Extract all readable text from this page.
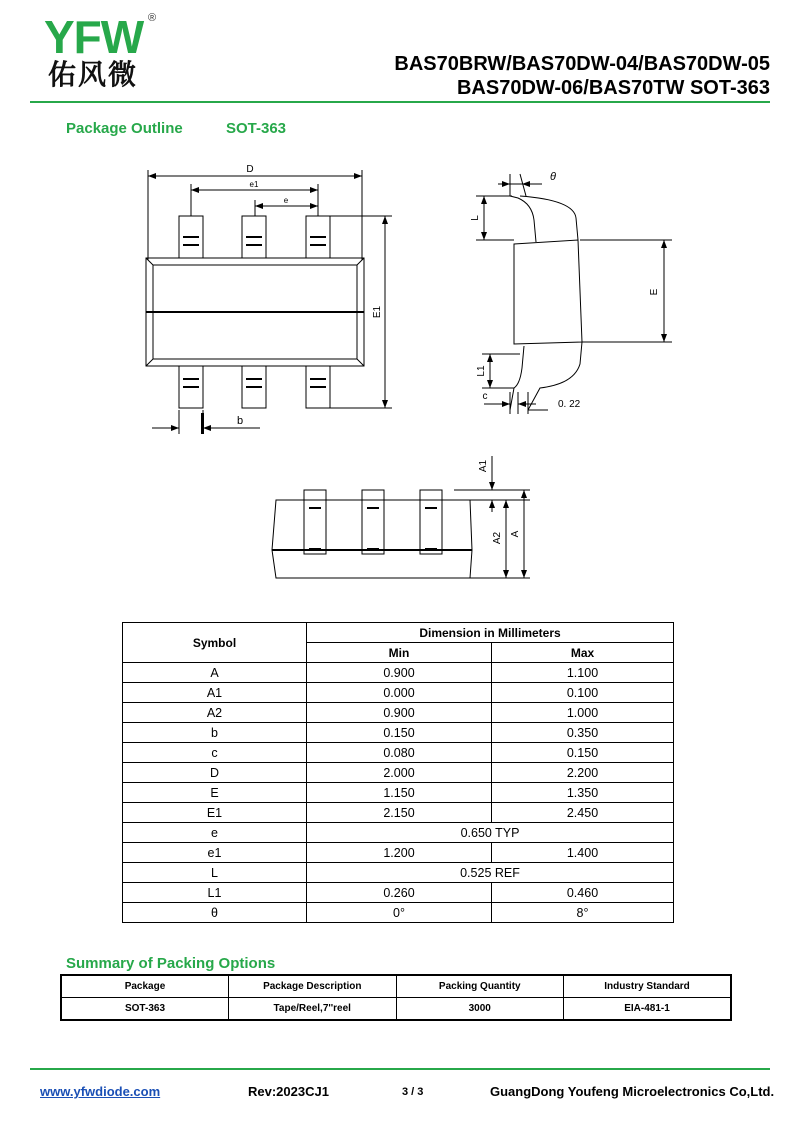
YFW ®
佑风微	BAS70BRW/BAS70DW-04/BAS70DW-05
BAS70DW-06/BAS70TW SOT-363
Package Outline	SOT-363
D
e1
e
E1
b
θ
L
E
L1
c
0. 22
A1
A2 A
Symbol	Dimension in Millimeters	
	Min	Max
A	0.900	1.100
A1	0.000	0.100
A2	0.900	1.000
b	0.150	0.350
c	0.080	0.150
D	2.000	2.200
E	1.150	1.350
E1	2.150	2.450
e	0.650 TYP	
e1	1.200	1.400
L	0.525 REF	
L1	0.260	0.460
θ	0°	8°
Summary of Packing Options
Package	Package Description	Packing Quantity	Industry Standard
SOT-363	Tape/Reel,7''reel	3000	EIA-481-1
www.yfwdiode.com	Rev:2023CJ1	3 / 3	GuangDong Youfeng Microelectronics Co,Ltd.
